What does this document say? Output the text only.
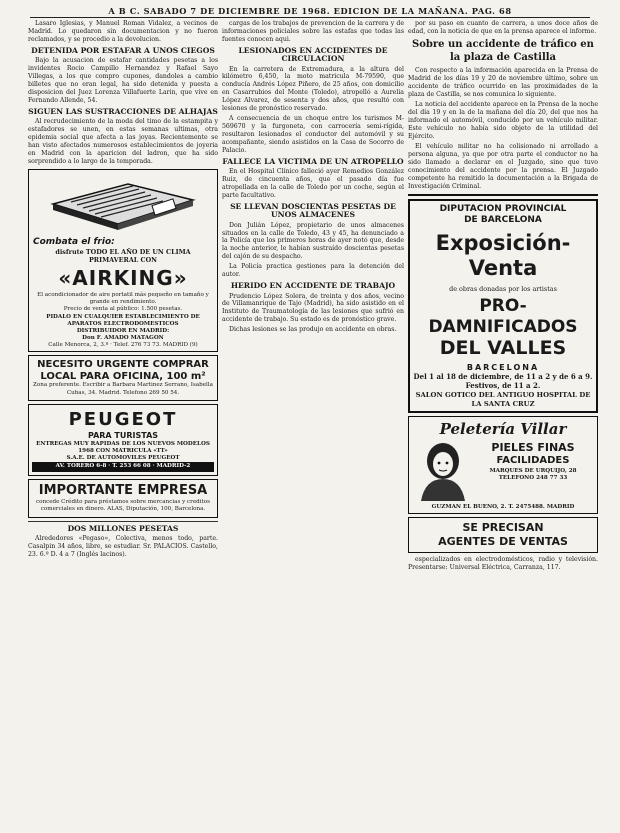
A B C. SABADO 7 DE DICIEMBRE DE 1968. EDICION DE LA MAÑANA. PAG. 68

Lasaro Iglesias, y Manuel Roman Vidalez, a vecinos de Madrid. Lo quedaron sin documentacion y no fueron reclamados, y se procedio a la devolucion.

DETENIDA POR ESTAFAR A UNOS CIEGOS

Bajo la acusacion de estafar cantidades pesetas a los invidentes Rocio Campillo Hernandez y Rafael Sayo Villegas, a los que compro cupones, dandoles a cambio billetes que no eran legal, ha sido detenida y puesta a disposicion del Juez Lorenza Villafuerte Larin, que vive en Fernando Allende, 54.

SIGUEN LAS SUSTRACCIONES DE ALHAJAS

Al recrudecimiento de la moda del timo de la estampita y estafadores se unen, en estas semanas ultimas, otra epidemia social que afecta a las joyas. Recientemente se han visto afectados numerosos establecimientos de joyeria en Madrid con la aparicion del ladron, que ha sido sorprendido a lo largo de la temporada.

Combata el frio:
disfrute TODO EL AÑO DE UN CLIMA PRIMAVERAL CON
«AIRKING»

El acondicionador de aire portatil más pequeño en tamaño y grande en rendimiento.

Precio de venta al público: 1.500 pesetas.

PIDALO EN CUALQUIER ESTABLECIMIENTO DE APARATOS ELECTRODOMESTICOS

DISTRIBUIDOR EN MADRID:

Don F. AMADO MATAGON

Calle Menorca, 2, 3.º · Telef. 276 73 73. MADRID (9)

NECESITO URGENTE COMPRAR LOCAL PARA OFICINA, 100 m²

Zona preferente. Escribir a Barbara Martinez Serrano, Isabella Cubas, 34. Madrid. Telefono 269 50 54.

PEUGEOT
PARA TURISTAS

ENTREGAS MUY RAPIDAS DE LOS NUEVOS MODELOS 1968 CON MATRICULA «TT»

S.A.E. DE AUTOMOVILES PEUGEOT

AV. TORERO 6-8 · T. 253 66 08 · MADRID-2
IMPORTANTE EMPRESA

concede Crédito para préstamos sobre mercancias y creditos comerciales en dinero. ALAS, Diputación, 100, Barcelona.

DOS MILLONES PESETAS

Alrededores «Pegaso», Colectiva, menos todo, parte. Casalpin 34 años, libre, se estudiar. Sr. PALACIOS. Castello, 23. 6.º D. 4 a 7 (Inglés lacinos).

cargas de los trabajos de prevencion de la carrera y de informaciones policiales sobre las estafas que todas las fuentes conocen aqui.

LESIONADOS EN ACCIDENTES DE CIRCULACION

En la carretera de Extremadura, a la altura del kilómetro 6,450, la moto matricula M-79590, que conducía Andrés López Piñero, de 25 años, con domicilio en Casarrubios del Monte (Toledo), atropelló a Aurelia López Alvarez, de sesenta y dos años, que resultó con lesiones de pronóstico reservado.

A consecuencia de un choque entre los turismos M-569670 y la furgoneta, con carrocería semi-rígida, resultaron lesionados el conductor del automóvil y su acompañante, siendo asistidos en la Casa de Socorro de Palacio.

FALLECE LA VICTIMA DE UN ATROPELLO

En el Hospital Clínico falleció ayer Remedios González Ruiz, de cincuenta años, que el pasado día fue atropellada en la calle de Toledo por un coche, según el parte facultativo.

SE LLEVAN DOSCIENTAS PESETAS DE UNOS ALMACENES

Don Julián López, propietario de unos almacenes situados en la calle de Toledo, 43 y 45, ha denunciado a la Policía que los primeros horas de ayer notó que, desde la noche anterior, le habían sustraído doscientas pesetas del cajón de su despacho.

La Policía practica gestiones para la detención del autor.

HERIDO EN ACCIDENTE DE TRABAJO

Prudencio López Solera, de treinta y dos años, vecino de Villamanrique de Tajo (Madrid), ha sido asistido en el Instituto de Traumatología de las lesiones que sufrió en accidente de trabajo. Su estado es de pronóstico grave.

Dichas lesiones se las produjo en accidente en obras.

por su paso en cuanto de carrera, a unos doce años de edad, con la noticia de que en la prensa aparece el informe.

Sobre un accidente de tráfico en la plaza de Castilla

Con respecto a la información aparecida en la Prensa de Madrid de los días 19 y 20 de noviembre último, sobre un accidente de tráfico ocurrido en las proximidades de la plaza de Castilla, se nos comunica lo siguiente.

La noticia del accidente aparece en la Prensa de la noche del día 19 y en la de la mañana del día 20, del que nos ha informado el automóvil, conducido por un vehículo militar. Este vehículo no había sido objeto de la utilidad del Ejército.

El vehículo militar no ha colisionado ni arrollado a persona alguna, ya que por otra parte el conductor no ha sido llamado a declarar en el Juzgado, sino que tuvo conocimiento del accidente por la prensa. El Juzgado competente ha remitido la documentación a la Brigada de Investigación Criminal.

DIPUTACION PROVINCIAL
DE BARCELONA
Exposición-Venta

de obras donadas por los artistas

PRO-DAMNIFICADOS
DEL VALLES
BARCELONA

Del 1 al 18 de diciembre, de 11 a 2 y de 6 a 9. Festivos, de 11 a 2.

SALON GOTICO DEL ANTIGUO HOSPITAL DE LA SANTA CRUZ

Peletería Villar
PIELES FINAS
FACILIDADES
MARQUES DE URQUIJO, 28
TELEFONO 248 77 33
GUZMAN EL BUENO, 2. T. 2475488. MADRID
SE PRECISAN
AGENTES DE VENTAS

especializados en electrodomésticos, radio y televisión. Presentarse: Universal Eléctrica, Carranza, 117.
